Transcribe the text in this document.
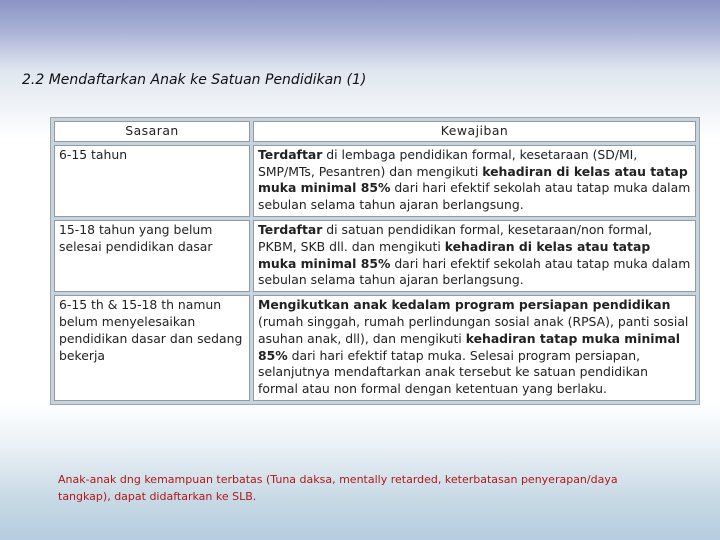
2.2 Mendaftarkan Anak ke Satuan Pendidikan (1)
Sasaran	Kewajiban
6-15 tahun	Terdaftar di lembaga pendidikan formal, kesetaraan (SD/MI, SMP/MTs, Pesantren) dan mengikuti kehadiran di kelas atau tatap muka minimal 85% dari hari efektif sekolah atau tatap muka dalam sebulan selama tahun ajaran berlangsung.
15-18 tahun yang belum selesai pendidikan dasar	Terdaftar di satuan pendidikan formal, kesetaraan/non formal, PKBM, SKB dll. dan mengikuti kehadiran di kelas atau tatap muka minimal 85% dari hari efektif sekolah atau tatap muka dalam sebulan selama tahun ajaran berlangsung.
6-15 th & 15-18 th namun belum menyelesaikan pendidikan dasar dan sedang bekerja	Mengikutkan anak kedalam program persiapan pendidikan (rumah singgah, rumah perlindungan sosial anak (RPSA), panti sosial asuhan anak, dll), dan mengikuti kehadiran tatap muka minimal 85% dari hari efektif tatap muka. Selesai program persiapan, selanjutnya mendaftarkan anak tersebut ke satuan pendidikan formal atau non formal dengan ketentuan yang berlaku.
Anak-anak dng kemampuan terbatas (Tuna daksa, mentally retarded, keterbatasan penyerapan/daya tangkap), dapat didaftarkan ke SLB.
